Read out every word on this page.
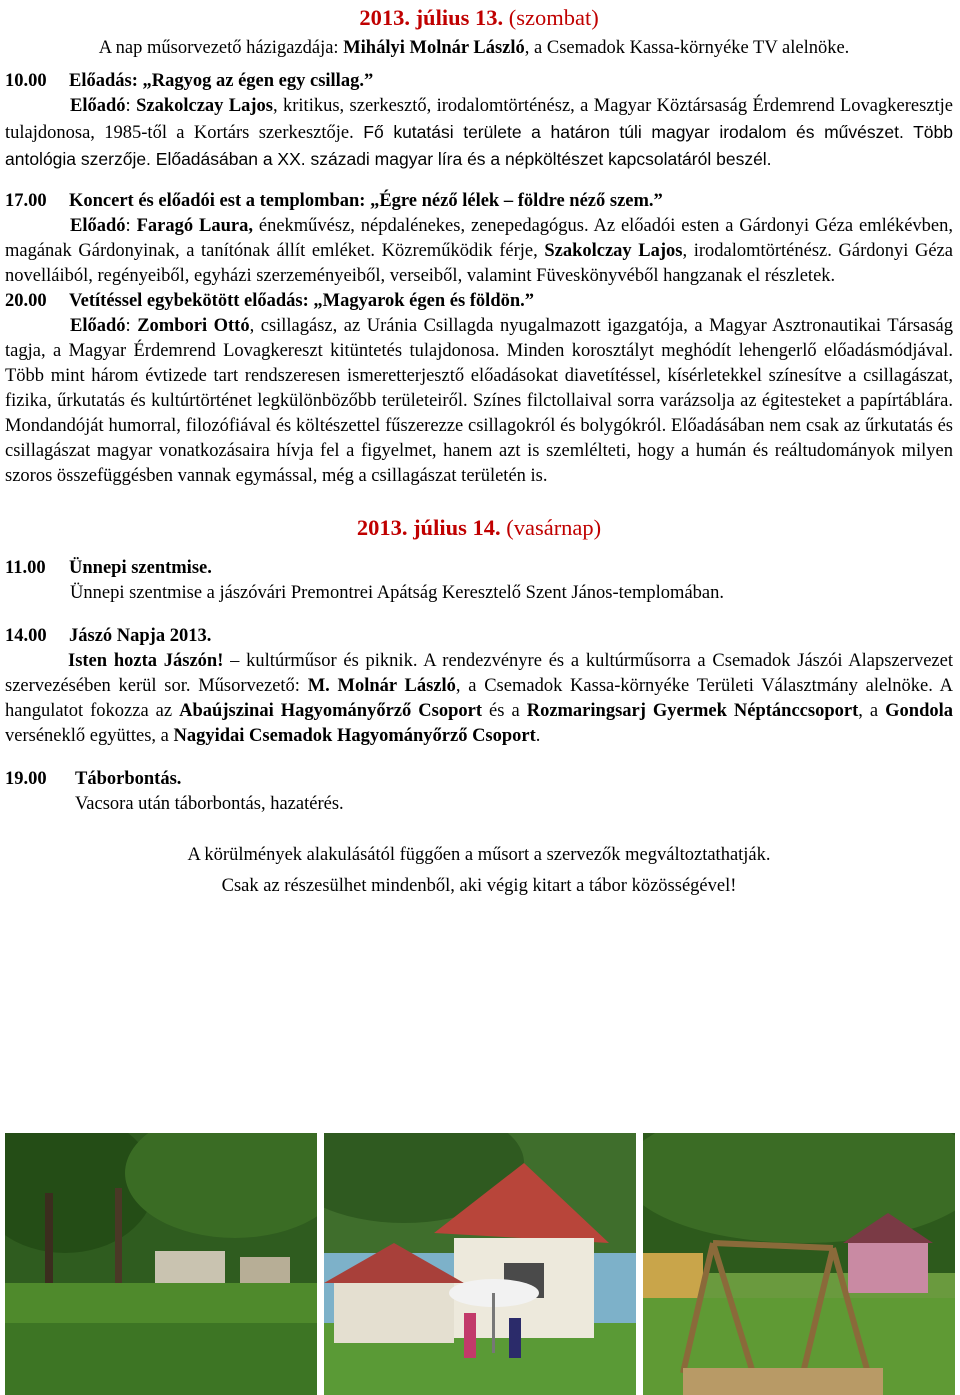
2013. július 13. (szombat)

A nap műsorvezető házigazdája: Mihályi Molnár László, a Csemadok Kassa-környéke TV alelnöke.

10.00 Előadás: „Ragyog az égen egy csillag.”

Előadó: Szakolczay Lajos, kritikus, szerkesztő, irodalomtörténész, a Magyar Köztársaság Érdemrend Lovagkeresztje tulajdonosa, 1985-től a Kortárs szerkesztője. Fő kutatási területe a határon túli magyar irodalom és művészet. Több antológia szerzője. Előadásában a XX. századi magyar líra és a népköltészet kapcsolatáról beszél.

17.00 Koncert és előadói est a templomban: „Égre néző lélek – földre néző szem.”

Előadó: Faragó Laura, énekművész, népdalénekes, zenepedagógus. Az előadói esten a Gárdonyi Géza emlékévben, magának Gárdonyinak, a tanítónak állít emléket. Közreműködik férje, Szakolczay Lajos, irodalomtörténész. Gárdonyi Géza novelláiból, regényeiből, egyházi szerzeményeiből, verseiből, valamint Füveskönyvéből hangzanak el részletek.

20.00 Vetítéssel egybekötött előadás: „Magyarok égen és földön.”

Előadó: Zombori Ottó, csillagász, az Uránia Csillagda nyugalmazott igazgatója, a Magyar Asztronautikai Társaság tagja, a Magyar Érdemrend Lovagkereszt kitüntetés tulajdonosa. Minden korosztályt meghódít lehengerlő előadásmódjával. Több mint három évtizede tart rendszeresen ismeretterjesztő előadásokat diavetítéssel, kísérletekkel színesítve a csillagászat, fizika, űrkutatás és kultúrtörténet legkülönbözőbb területeiről. Színes filctollaival sorra varázsolja az égitesteket a papírtáblára. Mondandóját humorral, filozófiával és költészettel fűszerezze csillagokról és bolygókról. Előadásában nem csak az űrkutatás és csillagászat magyar vonatkozásaira hívja fel a figyelmet, hanem azt is szemlélteti, hogy a humán és reáltudományok milyen szoros összefüggésben vannak egymással, még a csillagászat területén is.

2013. július 14. (vasárnap)

11.00 Ünnepi szentmise.

Ünnepi szentmise a jászóvári Premontrei Apátság Keresztelő Szent János-templomában.

14.00 Jászó Napja 2013.

Isten hozta Jászón! – kultúrműsor és piknik. A rendezvényre és a kultúrműsorra a Csemadok Jászói Alapszervezet szervezésében kerül sor. Műsorvezető: M. Molnár László, a Csemadok Kassa-környéke Területi Választmány alelnöke. A hangulatot fokozza az Abaújszinai Hagyományőrző Csoport és a Rozmaringsarj Gyermek Néptánccsoport, a Gondola verséneklő együttes, a Nagyidai Csemadok Hagyományőrző Csoport.

19.00 Táborbontás.

Vacsora után táborbontás, hazatérés.

A körülmények alakulásától függően a műsort a szervezők megváltoztathatják.

Csak az részesülhet mindenből, aki végig kitart a tábor közösségével!
